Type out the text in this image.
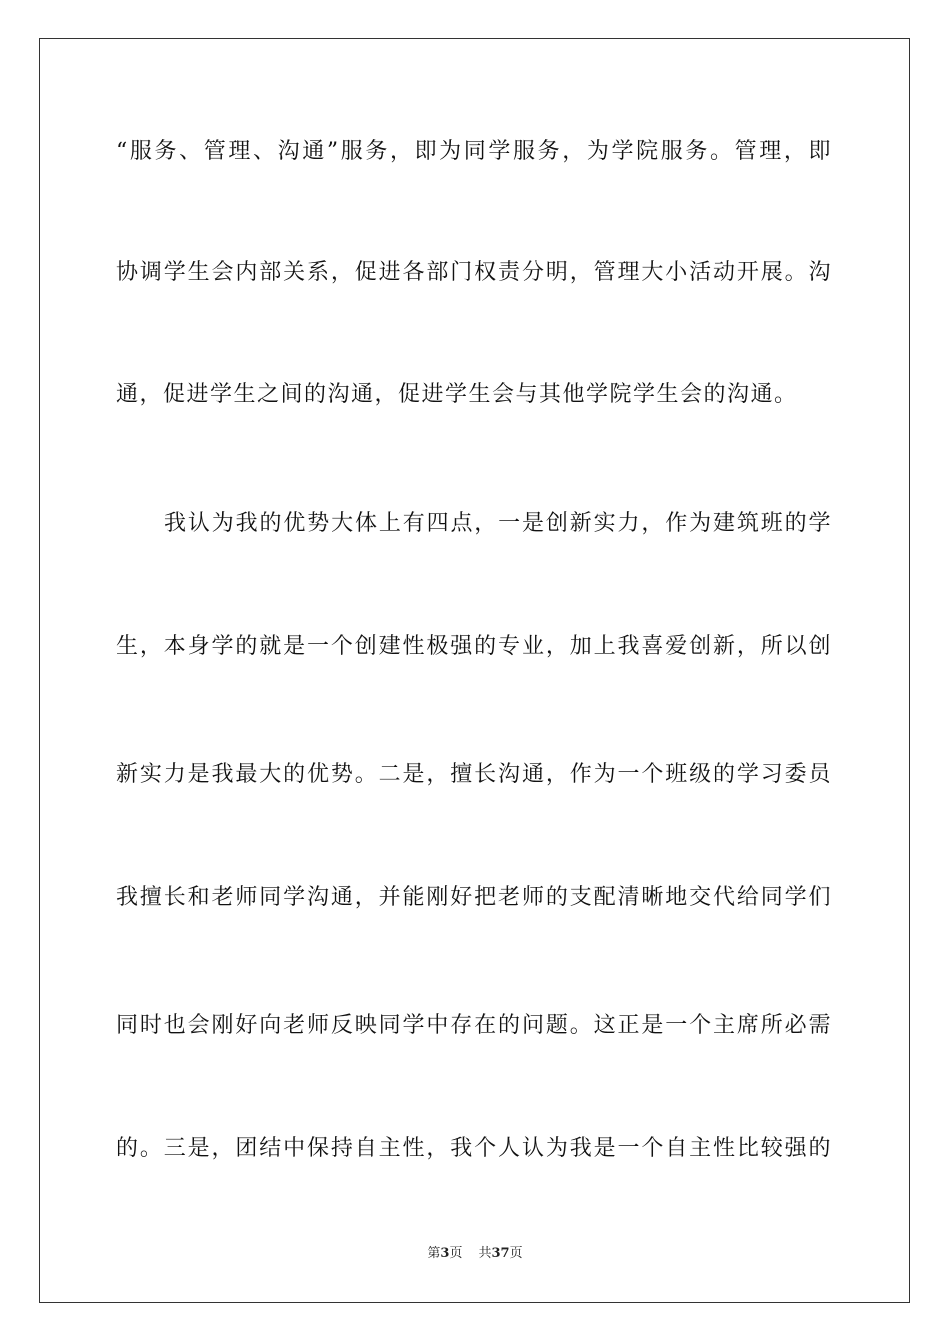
“服务、管理、沟通”服务，即为同学服务，为学院服务。管理，即
协调学生会内部关系，促进各部门权责分明，管理大小活动开展。沟
通，促进学生之间的沟通，促进学生会与其他学院学生会的沟通。
我认为我的优势大体上有四点，一是创新实力，作为建筑班的学
生，本身学的就是一个创建性极强的专业，加上我喜爱创新，所以创
新实力是我最大的优势。二是，擅长沟通，作为一个班级的学习委员
我擅长和老师同学沟通，并能刚好把老师的支配清晰地交代给同学们
同时也会刚好向老师反映同学中存在的问题。这正是一个主席所必需
的。三是，团结中保持自主性，我个人认为我是一个自主性比较强的
第3页 共37页
